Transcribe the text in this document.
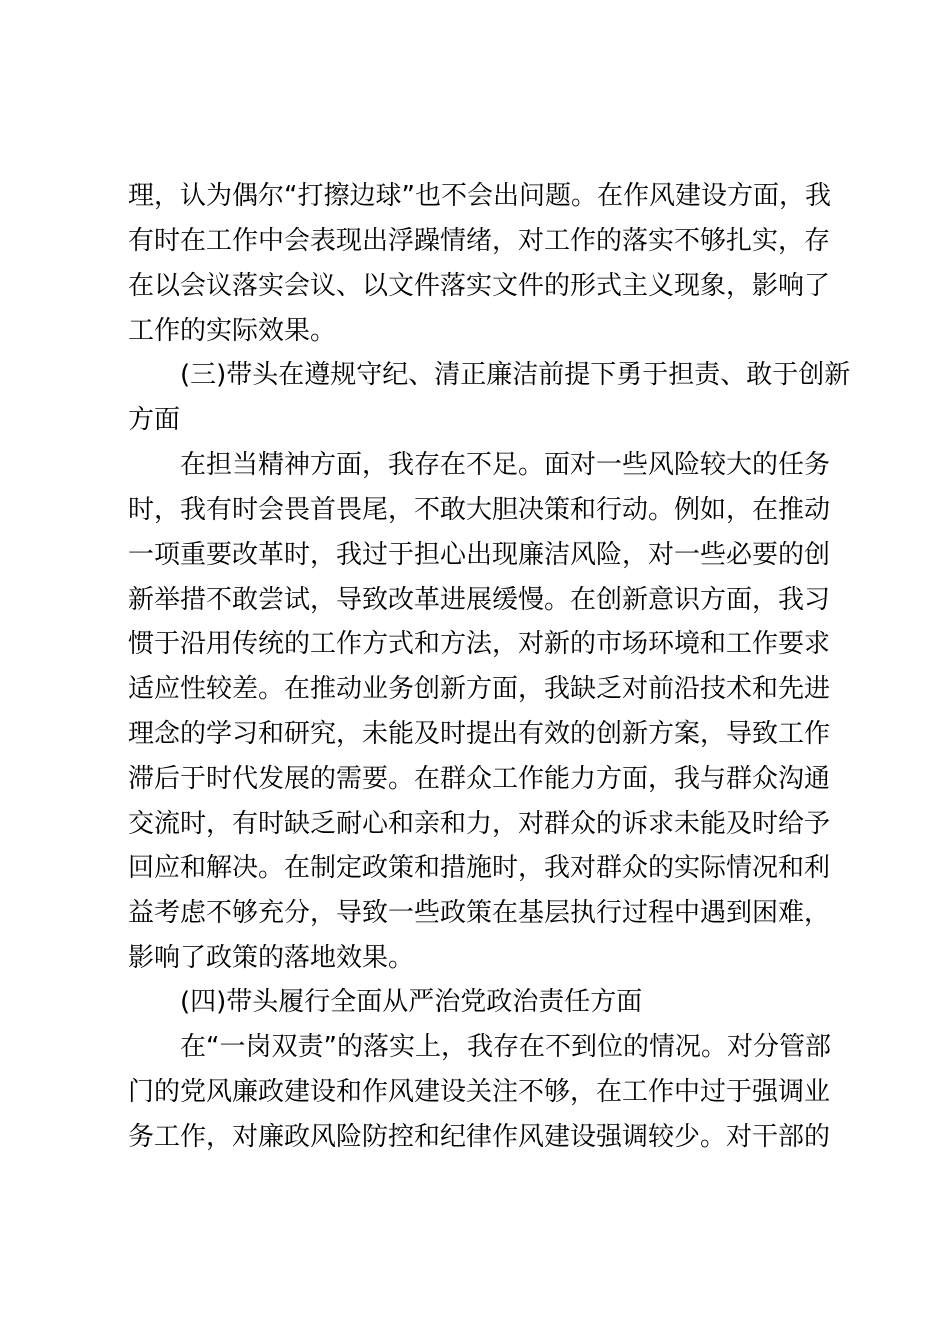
理，认为偶尔“打擦边球”也不会出问题。在作风建设方面，我
有时在工作中会表现出浮躁情绪，对工作的落实不够扎实，存
在以会议落实会议、以文件落实文件的形式主义现象，影响了
工作的实际效果。
(三)带头在遵规守纪、清正廉洁前提下勇于担责、敢于创新
方面
在担当精神方面，我存在不足。面对一些风险较大的任务
时，我有时会畏首畏尾，不敢大胆决策和行动。例如，在推动
一项重要改革时，我过于担心出现廉洁风险，对一些必要的创
新举措不敢尝试，导致改革进展缓慢。在创新意识方面，我习
惯于沿用传统的工作方式和方法，对新的市场环境和工作要求
适应性较差。在推动业务创新方面，我缺乏对前沿技术和先进
理念的学习和研究，未能及时提出有效的创新方案，导致工作
滞后于时代发展的需要。在群众工作能力方面，我与群众沟通
交流时，有时缺乏耐心和亲和力，对群众的诉求未能及时给予
回应和解决。在制定政策和措施时，我对群众的实际情况和利
益考虑不够充分，导致一些政策在基层执行过程中遇到困难，
影响了政策的落地效果。
(四)带头履行全面从严治党政治责任方面
在“一岗双责”的落实上，我存在不到位的情况。对分管部
门的党风廉政建设和作风建设关注不够，在工作中过于强调业
务工作，对廉政风险防控和纪律作风建设强调较少。对干部的
